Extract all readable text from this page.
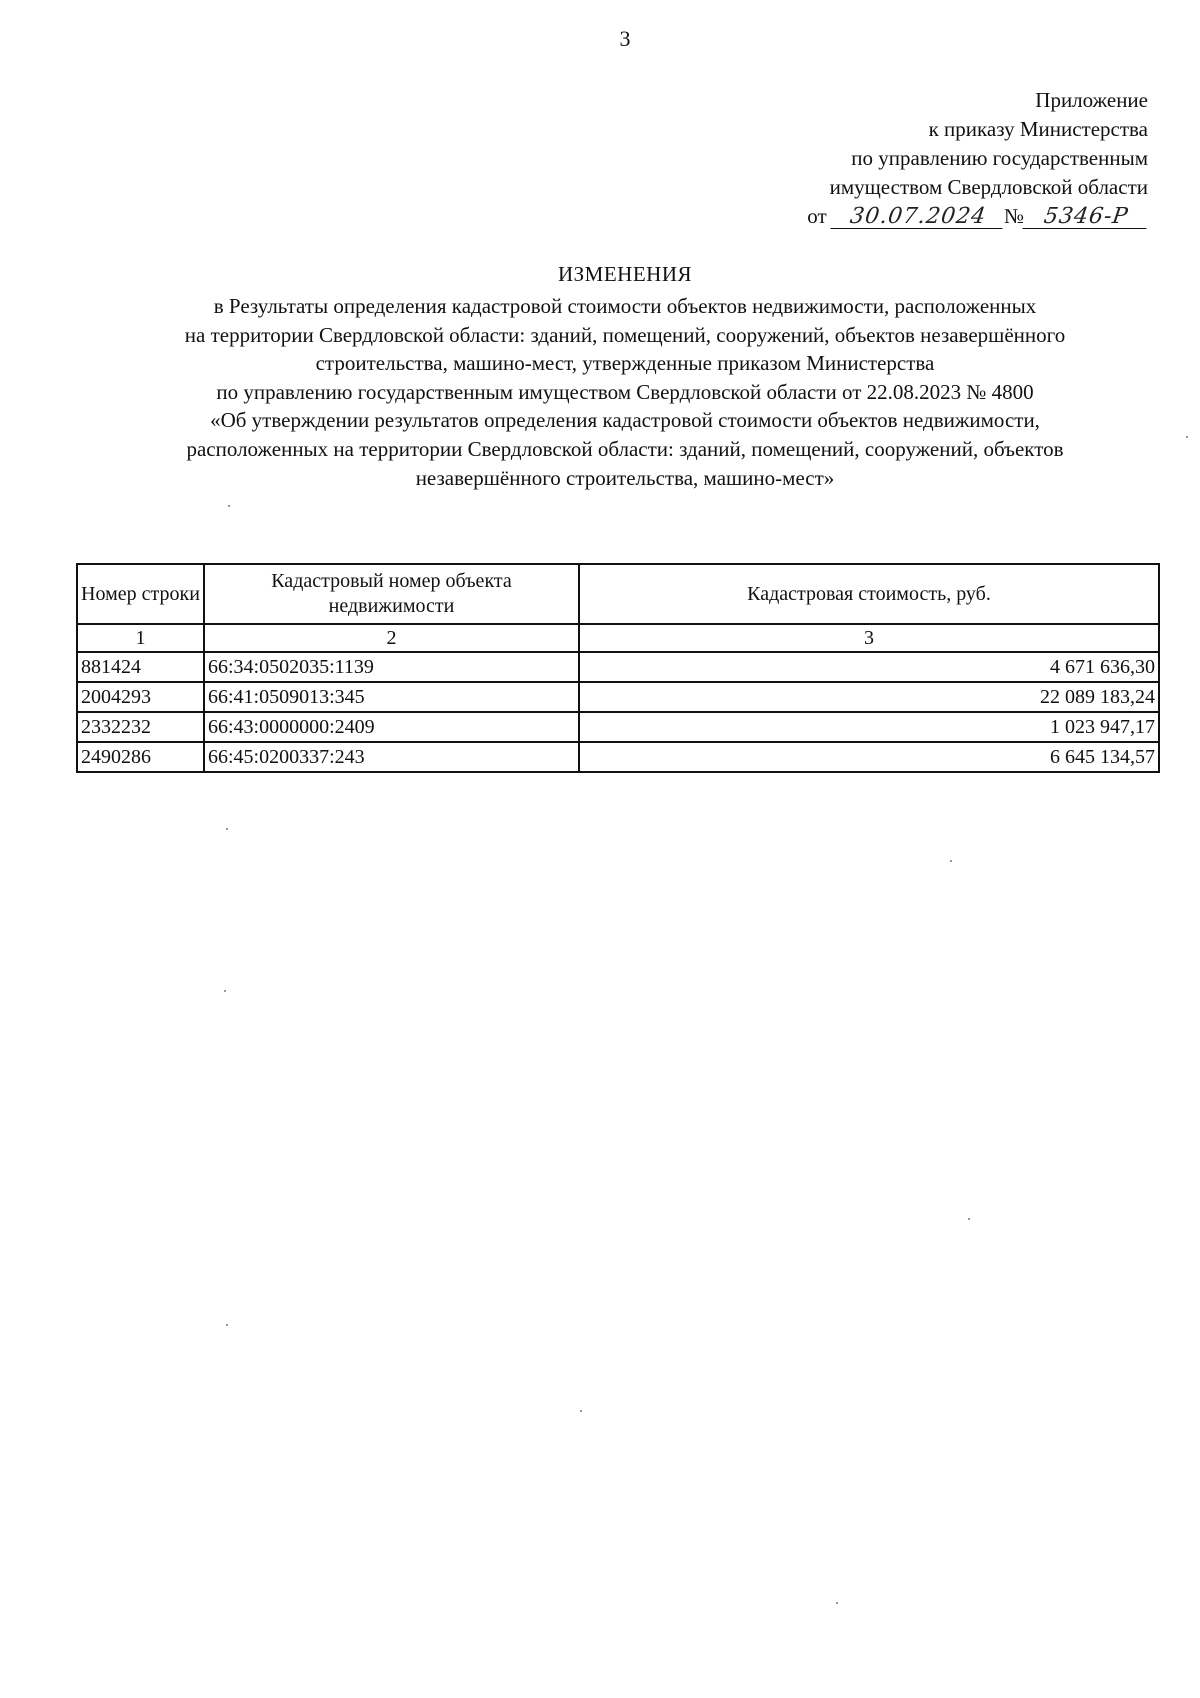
3
Приложение
к приказу Министерства
по управлению государственным
имуществом Свердловской области
от 30.07.2024 № 5346-Р
ИЗМЕНЕНИЯ
в Результаты определения кадастровой стоимости объектов недвижимости, расположенных
на территории Свердловской области: зданий, помещений, сооружений, объектов незавершённого
строительства, машино-мест, утвержденные приказом Министерства
по управлению государственным имуществом Свердловской области от 22.08.2023 № 4800
«Об утверждении результатов определения кадастровой стоимости объектов недвижимости,
расположенных на территории Свердловской области: зданий, помещений, сооружений, объектов
незавершённого строительства, машино-мест»
Номер строки	Кадастровый номер объекта недвижимости	Кадастровая стоимость, руб.
1	2	3
881424	66:34:0502035:1139	4 671 636,30
2004293	66:41:0509013:345	22 089 183,24
2332232	66:43:0000000:2409	1 023 947,17
2490286	66:45:0200337:243	6 645 134,57
